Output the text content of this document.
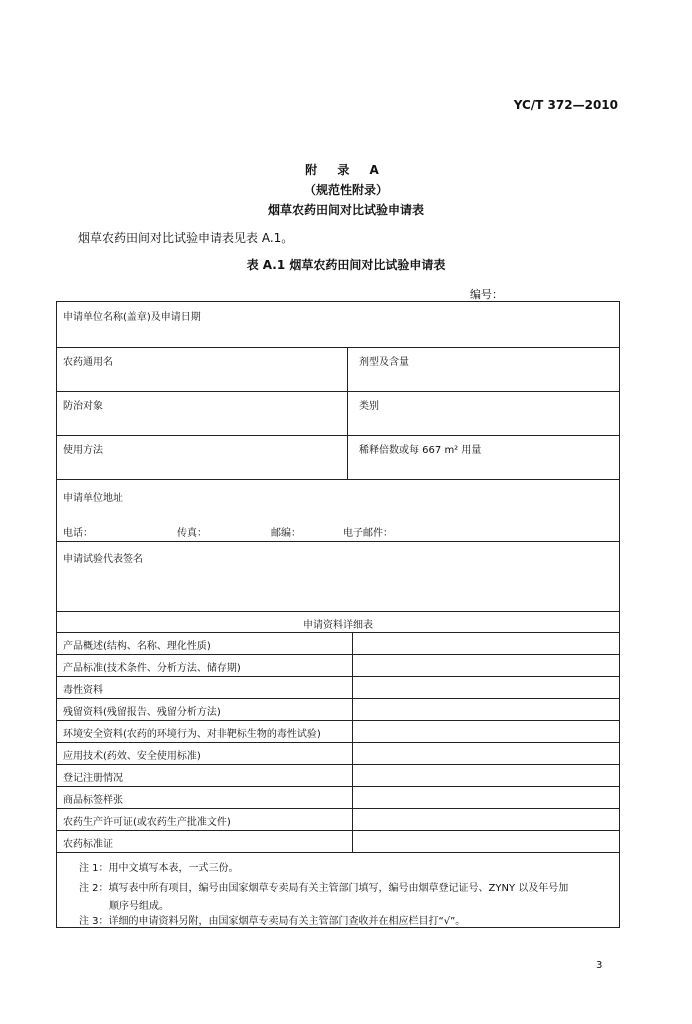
YC/T 372—2010
附 录 A
（规范性附录）
烟草农药田间对比试验申请表
烟草农药田间对比试验申请表见表 A.1。
表 A.1 烟草农药田间对比试验申请表
编号：
申请单位名称(盖章)及申请日期
农药通用名	剂型及含量
防治对象	类别
使用方法	稀释倍数或每 667 m² 用量
申请单位地址
电话：	传真：	邮编：	电子邮件：
申请试验代表签名
申请资料详细表
产品概述(结构、名称、理化性质)
产品标准(技术条件、分析方法、储存期)
毒性资料
残留资料(残留报告、残留分析方法)
环境安全资料(农药的环境行为、对非靶标生物的毒性试验)
应用技术(药效、安全使用标准)
登记注册情况
商品标签样张
农药生产许可证(或农药生产批准文件)
农药标准证
注 1：用中文填写本表，一式三份。
注 2：填写表中所有项目，编号由国家烟草专卖局有关主管部门填写，编号由烟草登记证号、ZYNY 以及年号加
顺序号组成。
注 3：详细的申请资料另附，由国家烟草专卖局有关主管部门查收并在相应栏目打“√”。
3
